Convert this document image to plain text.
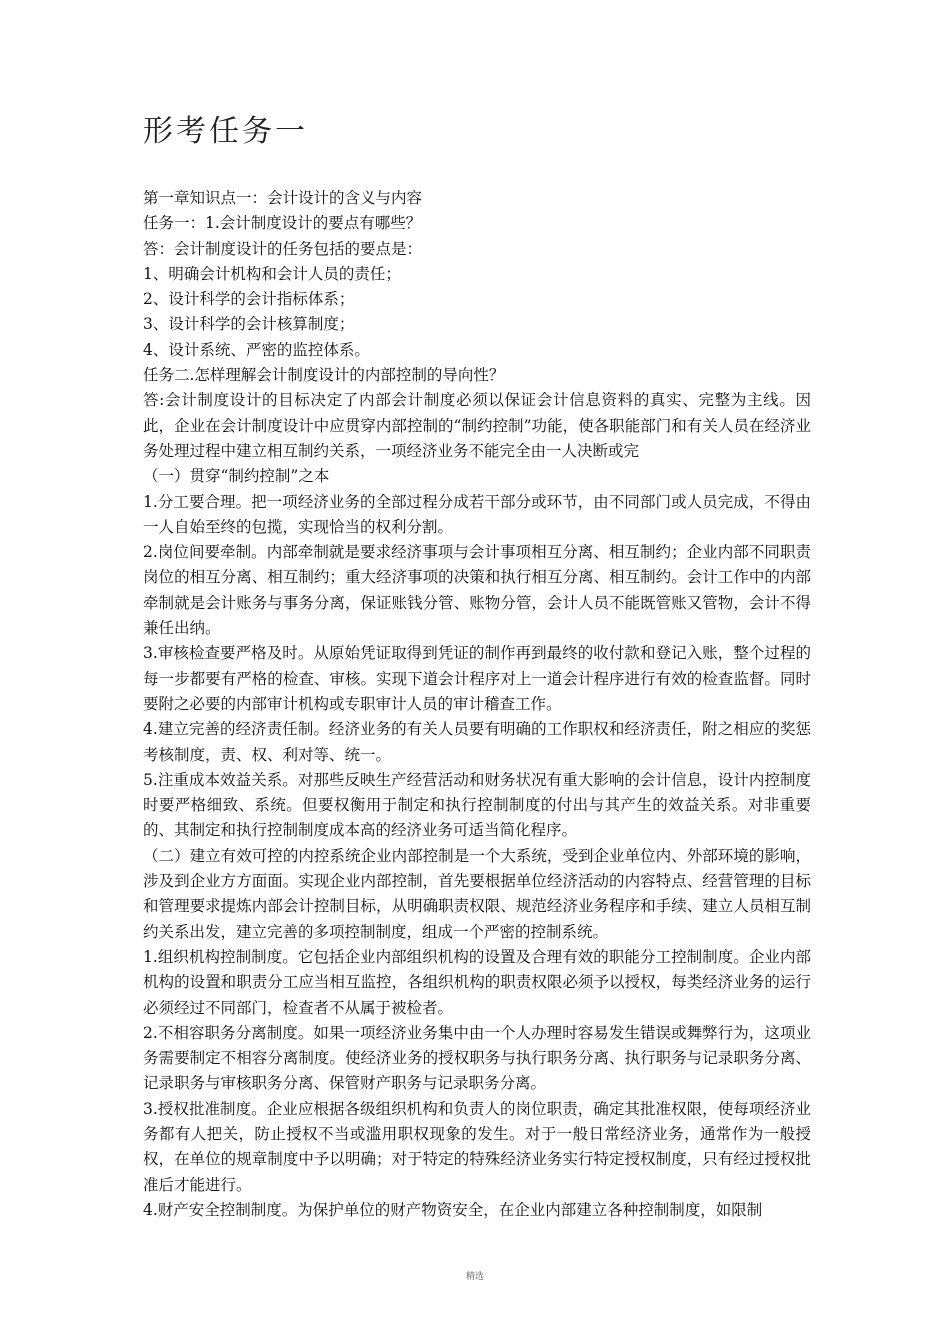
形考任务一

第一章知识点一：会计设计的含义与内容

任务一：1.会计制度设计的要点有哪些？

答：会计制度设计的任务包括的要点是：

1、明确会计机构和会计人员的责任；

2、设计科学的会计指标体系；

3、设计科学的会计核算制度；

4、设计系统、严密的监控体系。

任务二.怎样理解会计制度设计的内部控制的导向性？

答:会计制度设计的目标决定了内部会计制度必须以保证会计信息资料的真实、完整为主线。因此，企业在会计制度设计中应贯穿内部控制的“制约控制”功能，使各职能部门和有关人员在经济业务处理过程中建立相互制约关系，一项经济业务不能完全由一人决断或完

（一）贯穿“制约控制”之本

1.分工要合理。把一项经济业务的全部过程分成若干部分或环节，由不同部门或人员完成，不得由一人自始至终的包揽，实现恰当的权利分割。

2.岗位间要牵制。内部牵制就是要求经济事项与会计事项相互分离、相互制约；企业内部不同职责岗位的相互分离、相互制约；重大经济事项的决策和执行相互分离、相互制约。会计工作中的内部牵制就是会计账务与事务分离，保证账钱分管、账物分管，会计人员不能既管账又管物，会计不得兼任出纳。

3.审核检查要严格及时。从原始凭证取得到凭证的制作再到最终的收付款和登记入账，整个过程的每一步都要有严格的检查、审核。实现下道会计程序对上一道会计程序进行有效的检查监督。同时要附之必要的内部审计机构或专职审计人员的审计稽查工作。

4.建立完善的经济责任制。经济业务的有关人员要有明确的工作职权和经济责任，附之相应的奖惩考核制度，责、权、利对等、统一。

5.注重成本效益关系。对那些反映生产经营活动和财务状况有重大影响的会计信息，设计内控制度时要严格细致、系统。但要权衡用于制定和执行控制制度的付出与其产生的效益关系。对非重要的、其制定和执行控制制度成本高的经济业务可适当简化程序。

（二）建立有效可控的内控系统企业内部控制是一个大系统，受到企业单位内、外部环境的影响，涉及到企业方方面面。实现企业内部控制，首先要根据单位经济活动的内容特点、经营管理的目标和管理要求提炼内部会计控制目标，从明确职责权限、规范经济业务程序和手续、建立人员相互制约关系出发，建立完善的多项控制制度，组成一个严密的控制系统。

1.组织机构控制制度。它包括企业内部组织机构的设置及合理有效的职能分工控制制度。企业内部机构的设置和职责分工应当相互监控，各组织机构的职责权限必须予以授权，每类经济业务的运行必须经过不同部门，检查者不从属于被检者。

2.不相容职务分离制度。如果一项经济业务集中由一个人办理时容易发生错误或舞弊行为，这项业务需要制定不相容分离制度。使经济业务的授权职务与执行职务分离、执行职务与记录职务分离、记录职务与审核职务分离、保管财产职务与记录职务分离。

3.授权批准制度。企业应根据各级组织机构和负责人的岗位职责，确定其批准权限，使每项经济业务都有人把关，防止授权不当或滥用职权现象的发生。对于一般日常经济业务，通常作为一般授权，在单位的规章制度中予以明确；对于特定的特殊经济业务实行特定授权制度，只有经过授权批准后才能进行。

4.财产安全控制制度。为保护单位的财产物资安全，在企业内部建立各种控制制度，如限制

精选
